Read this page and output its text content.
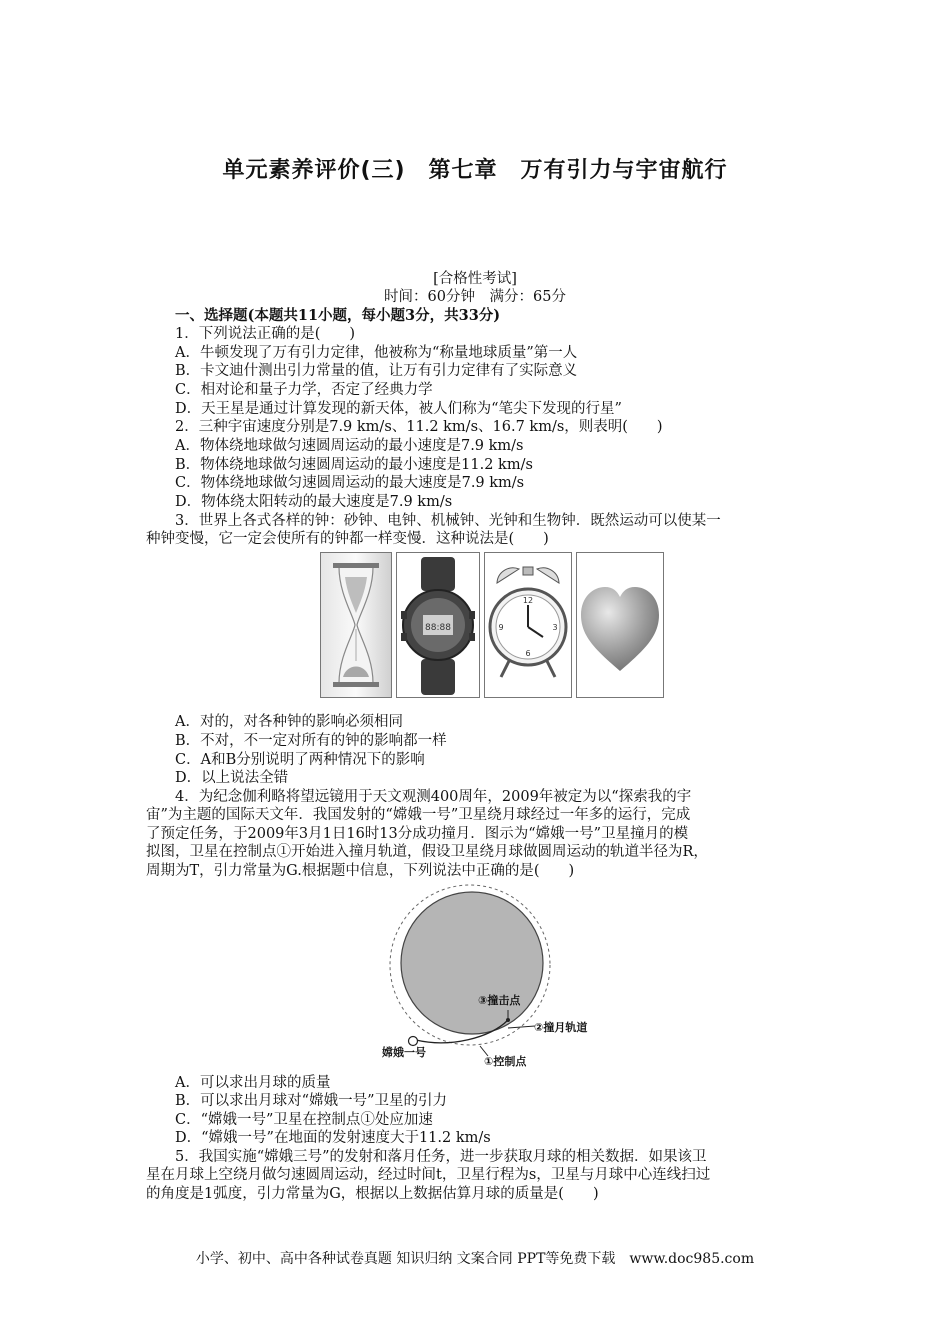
单元素养评价(三)　第七章　万有引力与宇宙航行
[合格性考试]
时间：60分钟　满分：65分
一、选择题(本题共11小题，每小题3分，共33分)
1．下列说法正确的是(　　)
A．牛顿发现了万有引力定律，他被称为“称量地球质量”第一人
B．卡文迪什测出引力常量的值，让万有引力定律有了实际意义
C．相对论和量子力学，否定了经典力学
D．天王星是通过计算发现的新天体，被人们称为“笔尖下发现的行星”
2．三种宇宙速度分别是7.9 km/s、11.2 km/s、16.7 km/s，则表明(　　)
A．物体绕地球做匀速圆周运动的最小速度是7.9 km/s
B．物体绕地球做匀速圆周运动的最小速度是11.2 km/s
C．物体绕地球做匀速圆周运动的最大速度是7.9 km/s
D．物体绕太阳转动的最大速度是7.9 km/s
3．世界上各式各样的钟：砂钟、电钟、机械钟、光钟和生物钟．既然运动可以使某一
种钟变慢，它一定会使所有的钟都一样变慢．这种说法是(　　)
88:88
12
3
6
9
A．对的，对各种钟的影响必须相同
B．不对，不一定对所有的钟的影响都一样
C．A和B分别说明了两种情况下的影响
D．以上说法全错
4．为纪念伽利略将望远镜用于天文观测400周年，2009年被定为以“探索我的宇
宙”为主题的国际天文年．我国发射的“嫦娥一号”卫星绕月球经过一年多的运行，完成
了预定任务，于2009年3月1日16时13分成功撞月．图示为“嫦娥一号”卫星撞月的模
拟图，卫星在控制点①开始进入撞月轨道，假设卫星绕月球做圆周运动的轨道半径为R，
周期为T，引力常量为G.根据题中信息，下列说法中正确的是(　　)
③撞击点
②撞月轨道
嫦娥一号
①控制点
A．可以求出月球的质量
B．可以求出月球对“嫦娥一号”卫星的引力
C．“嫦娥一号”卫星在控制点①处应加速
D．“嫦娥一号”在地面的发射速度大于11.2 km/s
5．我国实施“嫦娥三号”的发射和落月任务，进一步获取月球的相关数据．如果该卫
星在月球上空绕月做匀速圆周运动，经过时间t，卫星行程为s，卫星与月球中心连线扫过
的角度是1弧度，引力常量为G，根据以上数据估算月球的质量是(　　)
小学、初中、高中各种试卷真题 知识归纳 文案合同 PPT等免费下载　www.doc985.com
